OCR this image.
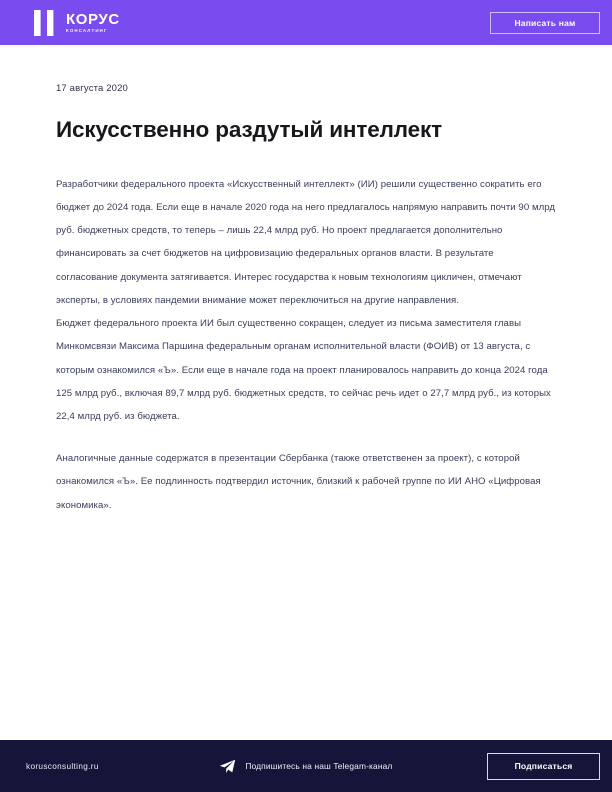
КОРУС
КОНСАЛТИНГ
Написать нам
17 августа 2020
Искусственно раздутый интеллект

Разработчики федерального проекта «Искусственный интеллект» (ИИ) решили существенно сократить его бюджет до 2024 года. Если еще в начале 2020 года на него предлагалось напрямую направить почти 90 млрд руб. бюджетных средств, то теперь – лишь 22,4 млрд руб. Но проект предлагается дополнительно финансировать за счет бюджетов на цифровизацию федеральных органов власти. В результате согласование документа затягивается. Интерес государства к новым технологиям цикличен, отмечают эксперты, в условиях пандемии внимание может переключиться на другие направления.

Бюджет федерального проекта ИИ был существенно сокращен, следует из письма заместителя главы Минкомсвязи Максима Паршина федеральным органам исполнительной власти (ФОИВ) от 13 августа, с которым ознакомился «Ъ». Если еще в начале года на проект планировалось направить до конца 2024 года 125 млрд руб., включая 89,7 млрд руб. бюджетных средств, то сейчас речь идет о 27,7 млрд руб., из которых 22,4 млрд руб. из бюджета.

Аналогичные данные содержатся в презентации Сбербанка (также ответственен за проект), с которой ознакомился «Ъ». Ее подлинность подтвердил источник, близкий к рабочей группе по ИИ АНО «Цифровая экономика».

korusconsulting.ru	Подпишитесь на наш Telegam-канал	Подписаться
